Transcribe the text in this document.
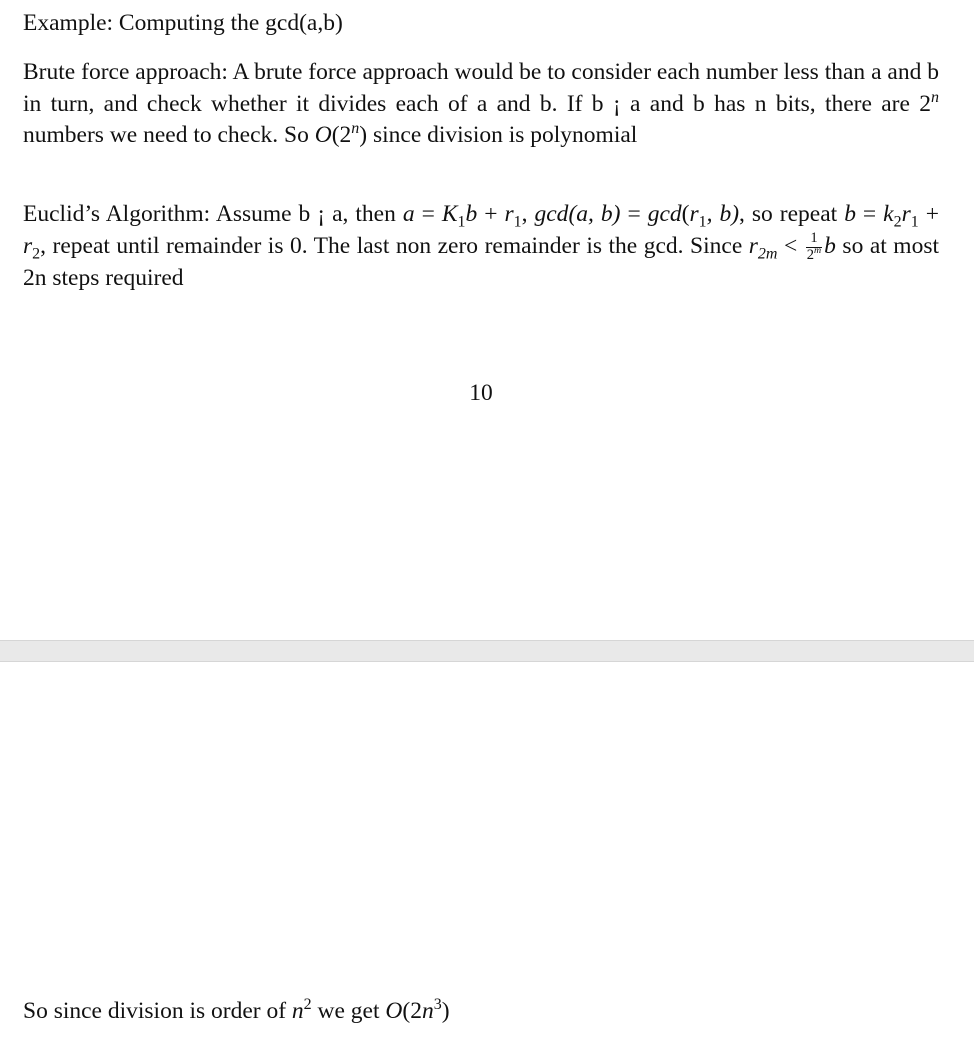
Example: Computing the gcd(a,b)
Brute force approach: A brute force approach would be to consider each number less than a and b in turn, and check whether it divides each of a and b. If b ¡ a and b has n bits, there are 2$^n$ numbers we need to check. So O(2$^n$) since division is polynomial
Euclid’s Algorithm: Assume b ¡ a, then $a = K_1b + r_1$, gcd(a, $b) = \gcd(r_1$, b), so repeat $b = k_2r_1 + r_2$, repeat until remainder is 0. The last non zero remainder is the gcd. Since $r_{2m} < \frac{1}{2^m}$ b so at most 2n steps required
10
So since division is order of $n^2$ we get $O(2n^3)$
